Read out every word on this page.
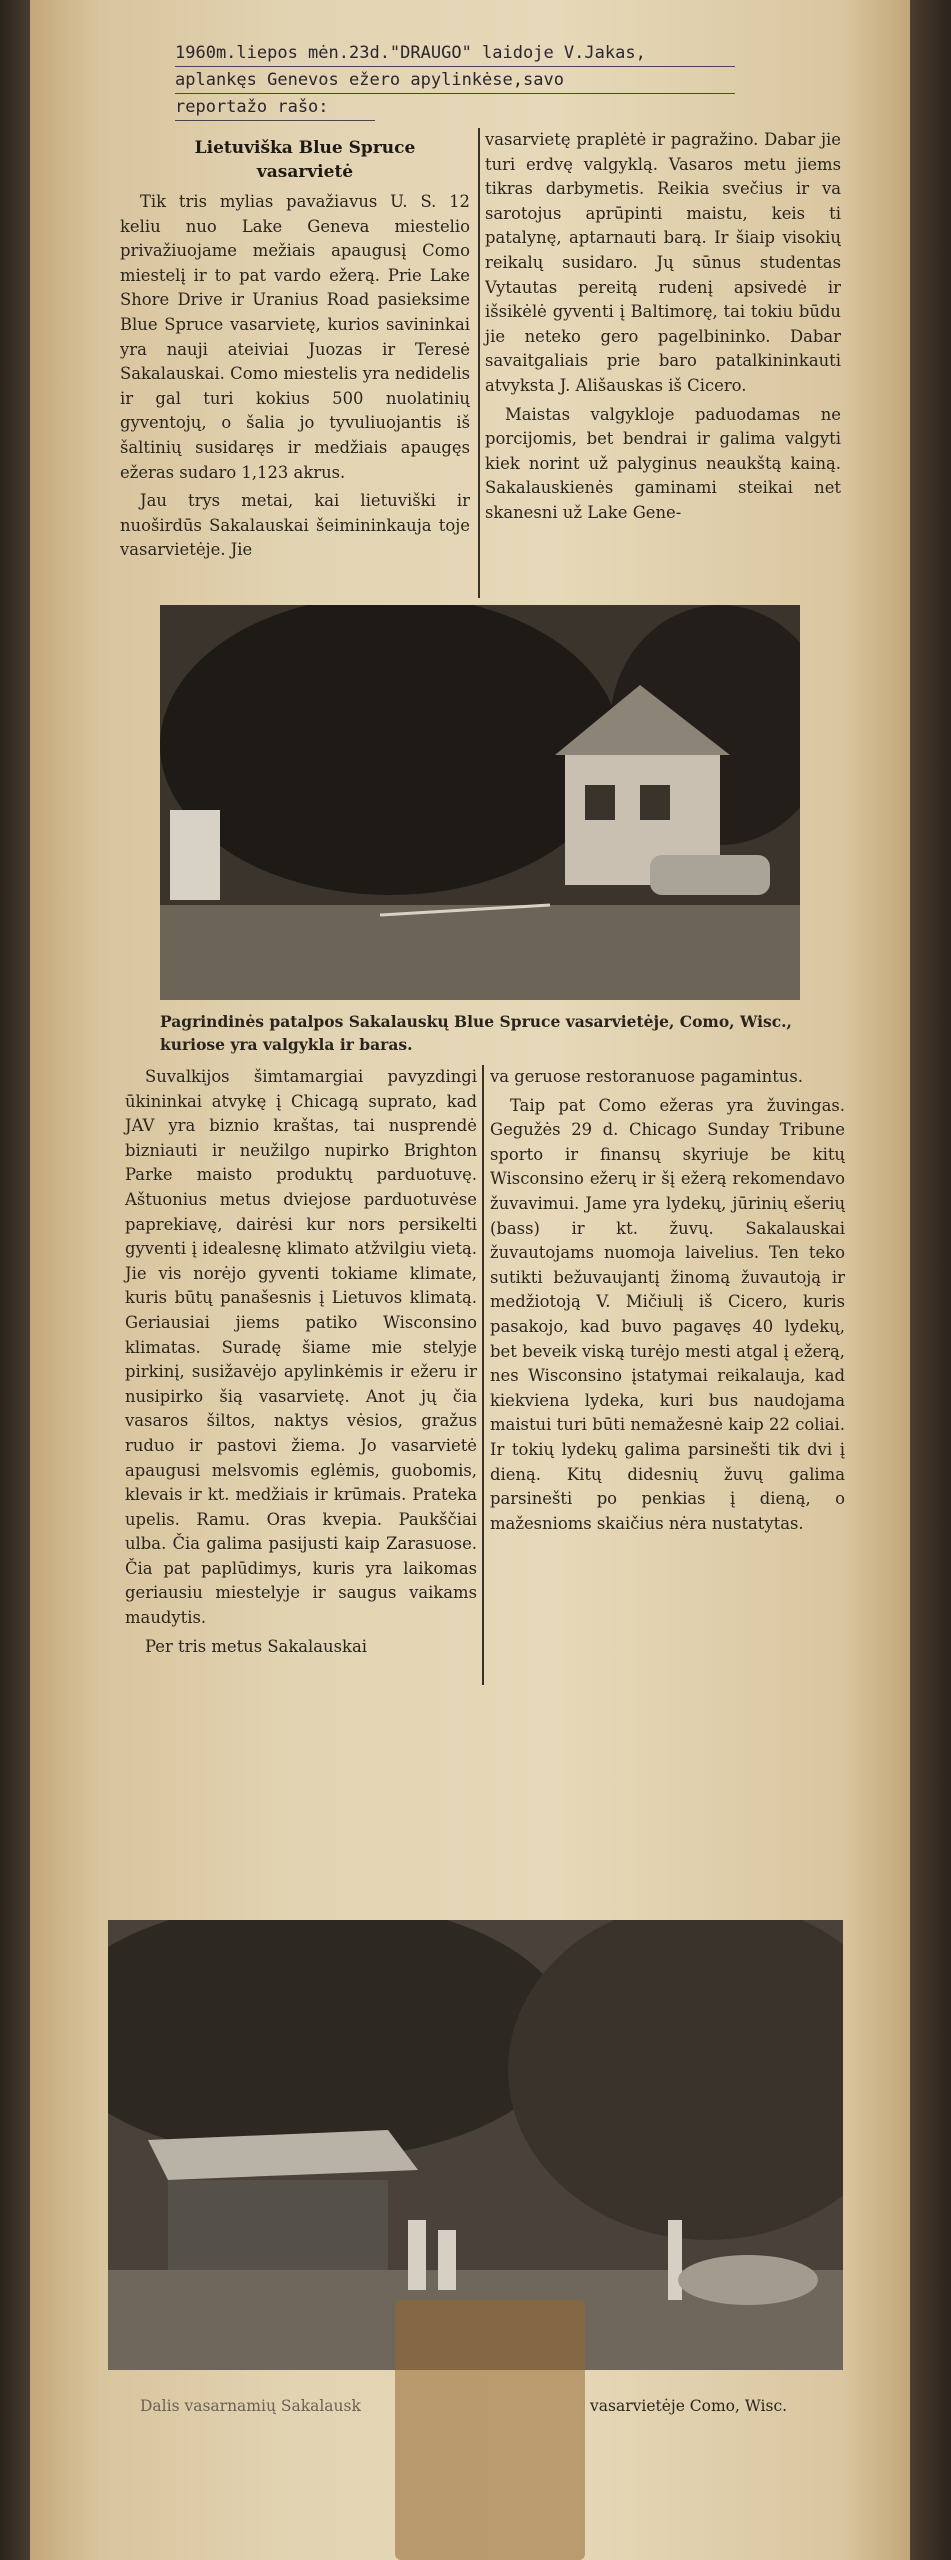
1960m.liepos mėn.23d."DRAUGO" laidoje V.Jakas,
aplankęs Genevos ežero apylinkėse,savo
reportažo rašo:
Lietuviška Blue Spruce
vasarvietė

Tik tris mylias pavažiavus U. S. 12 keliu nuo Lake Geneva miestelio privažiuojame mežiais apaugusį Como miestelį ir to pat vardo ežerą. Prie Lake Shore Drive ir Uranius Road pasieksime Blue Spruce vasarvietę, kurios savininkai yra nauji ateiviai Juozas ir Teresė Sakalauskai. Como miestelis yra nedidelis ir gal turi kokius 500 nuolatinių gyventojų, o šalia jo tyvuliuojantis iš šaltinių susidaręs ir medžiais apaugęs ežeras sudaro 1,123 akrus.

Jau trys metai, kai lietuviški ir nuoširdūs Sakalauskai šeimininkauja toje vasarvietėje. Jie

vasarvietę praplėtė ir pagražino. Dabar jie turi erdvę valgyklą. Vasaros metu jiems tikras darbymetis. Reikia svečius ir va sarotojus aprūpinti maistu, keis ti patalynę, aptarnauti barą. Ir šiaip visokių reikalų susidaro. Jų sūnus studentas Vytautas pereitą rudenį apsivedė ir išsikėlė gyventi į Baltimorę, tai tokiu būdu jie neteko gero pagelbininko. Dabar savaitgaliais prie baro patalkininkauti atvyksta J. Ališauskas iš Cicero.

Maistas valgykloje paduodamas ne porcijomis, bet bendrai ir galima valgyti kiek norint už palyginus neaukštą kainą. Sakalauskienės gaminami steikai net skanesni už Lake Gene-

Pagrindinės patalpos Sakalauskų Blue Spruce vasarvietėje, Como, Wisc., kuriose yra valgykla ir baras.

Suvalkijos šimtamargiai pavyzdingi ūkininkai atvykę į Chicagą suprato, kad JAV yra biznio kraštas, tai nusprendė bizniauti ir neužilgo nupirko Brighton Parke maisto produktų parduotuvę. Aštuonius metus dviejose parduotuvėse paprekiavę, dairėsi kur nors persikelti gyventi į idealesnę klimato atžvilgiu vietą. Jie vis norėjo gyventi tokiame klimate, kuris būtų panašesnis į Lietuvos klimatą. Geriausiai jiems patiko Wisconsino klimatas. Suradę šiame mie stelyje pirkinį, susižavėjo apylinkėmis ir ežeru ir nusipirko šią vasarvietę. Anot jų čia vasaros šiltos, naktys vėsios, gražus ruduo ir pastovi žiema. Jo vasarvietė apaugusi melsvomis eglėmis, guobomis, klevais ir kt. medžiais ir krūmais. Prateka upelis. Ramu. Oras kvepia. Paukščiai ulba. Čia galima pasijusti kaip Zarasuose. Čia pat paplūdimys, kuris yra laikomas geriausiu miestelyje ir saugus vaikams maudytis.

Per tris metus Sakalauskai

va geruose restoranuose pagamintus.

Taip pat Como ežeras yra žuvingas. Gegužės 29 d. Chicago Sunday Tribune sporto ir finansų skyriuje be kitų Wisconsino ežerų ir šį ežerą rekomendavo žuvavimui. Jame yra lydekų, jūrinių ešerių (bass) ir kt. žuvų. Sakalauskai žuvautojams nuomoja laivelius. Ten teko sutikti bežuvaujantį žinomą žuvautoją ir medžiotoją V. Mičiulį iš Cicero, kuris pasakojo, kad buvo pagavęs 40 lydekų, bet beveik viską turėjo mesti atgal į ežerą, nes Wisconsino įstatymai reikalauja, kad kiekviena lydeka, kuri bus naudojama maistui turi būti nemažesnė kaip 22 coliai. Ir tokių lydekų galima parsinešti tik dvi į dieną. Kitų didesnių žuvų galima parsinešti po penkias į dieną, o mažesnioms skaičius nėra nustatytas.

Dalis vasarnamių Sakalausk	vasarvietėje Como, Wisc.
